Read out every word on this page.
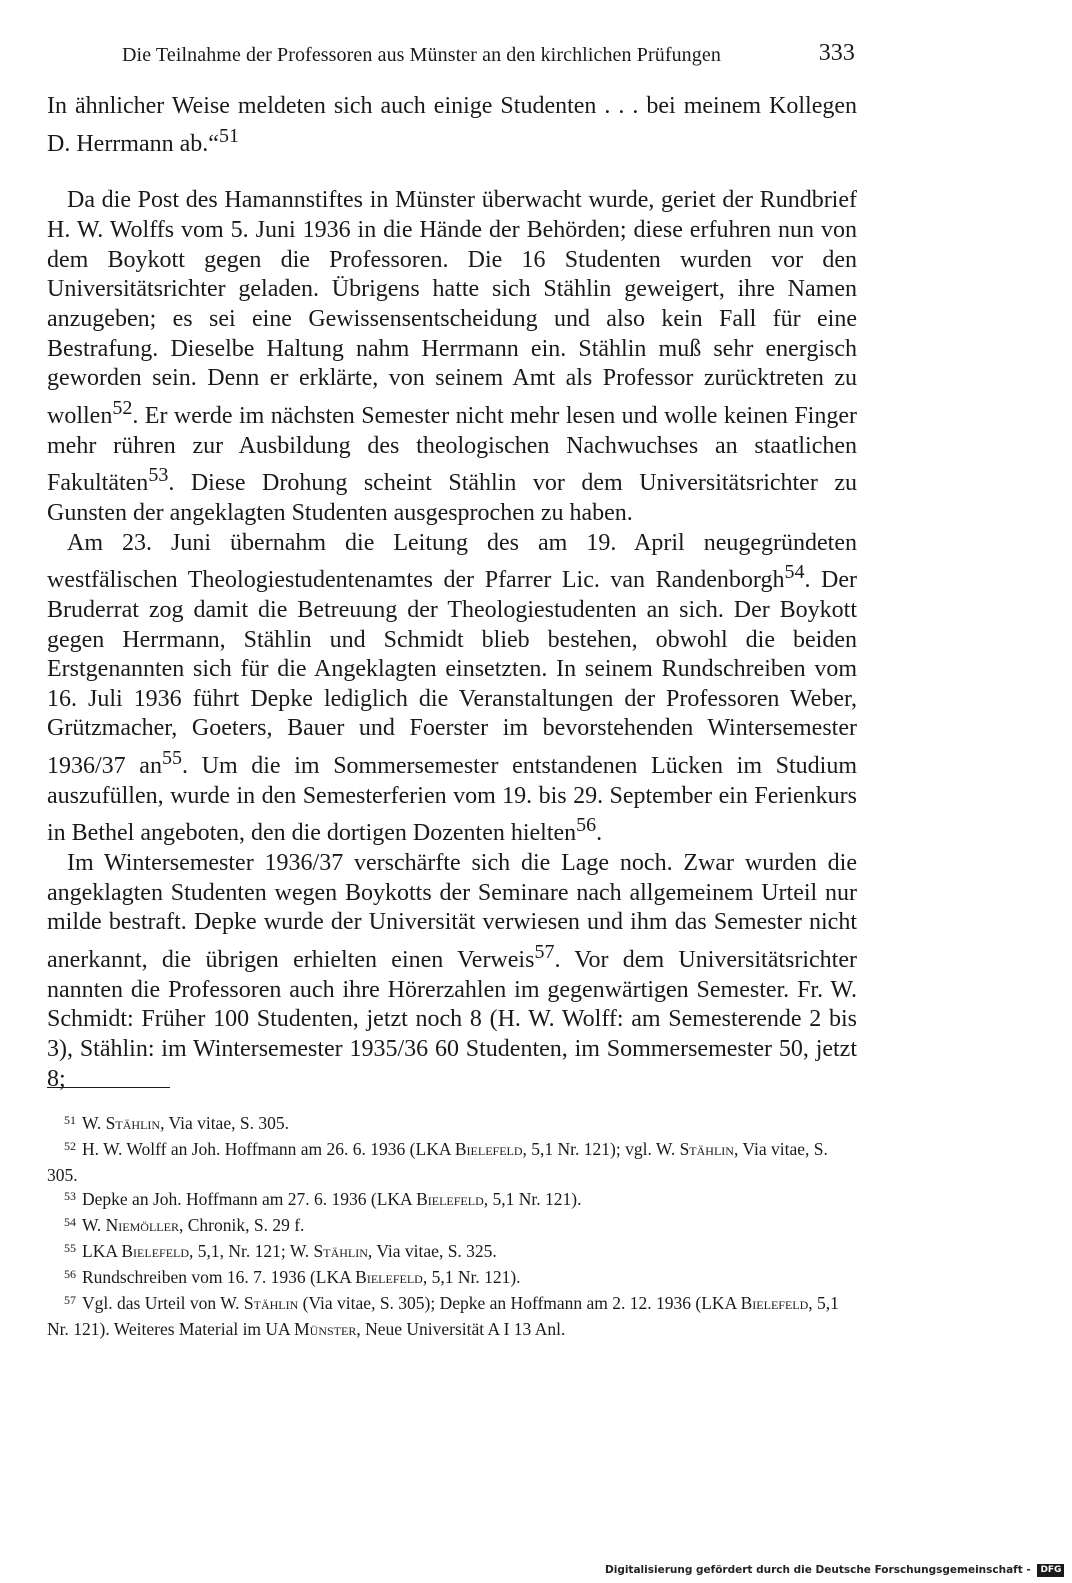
Die Teilnahme der Professoren aus Münster an den kirchlichen Prüfungen	333

In ähnlicher Weise meldeten sich auch einige Studenten . . . bei meinem Kollegen D. Herrmann ab.“$^{51}$

Da die Post des Hamannstiftes in Münster überwacht wurde, geriet der Rundbrief H. W. Wolffs vom 5. Juni 1936 in die Hände der Behörden; diese erfuhren nun von dem Boykott gegen die Professoren. Die 16 Studenten wurden vor den Universitätsrichter geladen. Übrigens hatte sich Stählin geweigert, ihre Namen anzugeben; es sei eine Gewissensentscheidung und also kein Fall für eine Bestrafung. Dieselbe Haltung nahm Herrmann ein. Stählin muß sehr energisch geworden sein. Denn er erklärte, von seinem Amt als Professor zurücktreten zu wollen$^{52}$. Er werde im nächsten Semester nicht mehr lesen und wolle keinen Finger mehr rühren zur Ausbildung des theologischen Nachwuchses an staatlichen Fakultäten$^{53}$. Diese Drohung scheint Stählin vor dem Universitätsrichter zu Gunsten der angeklagten Studenten ausgesprochen zu haben.

Am 23. Juni übernahm die Leitung des am 19. April neugegründeten westfälischen Theologiestudentenamtes der Pfarrer Lic. van Randenborgh$^{54}$. Der Bruderrat zog damit die Betreuung der Theologiestudenten an sich. Der Boykott gegen Herrmann, Stählin und Schmidt blieb bestehen, obwohl die beiden Erstgenannten sich für die Angeklagten einsetzten. In seinem Rundschreiben vom 16. Juli 1936 führt Depke lediglich die Veranstaltungen der Professoren Weber, Grützmacher, Goeters, Bauer und Foerster im bevorstehenden Wintersemester 1936/37 $an^{55}$. Um die im Sommersemester entstandenen Lücken im Studium auszufüllen, wurde in den Semesterferien vom 19. bis 29. September ein Ferienkurs in Bethel angeboten, den die dortigen Dozenten hielten$^{56}$.

Im Wintersemester 1936/37 verschärfte sich die Lage noch. Zwar wurden die angeklagten Studenten wegen Boykotts der Seminare nach allgemeinem Urteil nur milde bestraft. Depke wurde der Universität verwiesen und ihm das Semester nicht anerkannt, die übrigen erhielten einen Verweis$^{57}$. Vor dem Universitätsrichter nannten die Professoren auch ihre Hörerzahlen im gegenwärtigen Semester. Fr. W. Schmidt: Früher 100 Studenten, jetzt noch 8 (H. W. Wolff: am Semesterende 2 bis 3), Stählin: im Wintersemester 1935/36 60 Studenten, im Sommersemester 50, jetzt 8;

$^{51}$ W. Stählin, Via vitae, S. 305.

$^{52}$ H. W. Wolff an Joh. Hoffmann am 26. 6. 1936 (LKA Bielefeld, 5,1 Nr. 121); vgl. W. Stählin, Via vitae, S. 305.

$^{53}$ Depke an Joh. Hoffmann am 27. 6. 1936 (LKA Bielefeld, 5,1 Nr. 121).

$^{54}$ W. Niemöller, Chronik, S. 29 f.

$^{55}$ LKA Bielefeld, 5,1, Nr. 121; W. Stählin, Via vitae, S. 325.

$^{56}$ Rundschreiben vom 16. 7. 1936 (LKA Bielefeld, 5,1 Nr. 121).

$^{57}$ Vgl. das Urteil von W. Stählin (Via vitae, S. 305); Depke an Hoffmann am 2. 12. 1936 (LKA Bielefeld, 5,1 Nr. 121). Weiteres Material im UA Münster, Neue Universität A I 13 Anl.

Digitalisierung gefördert durch die Deutsche Forschungsgemeinschaft - DFG
